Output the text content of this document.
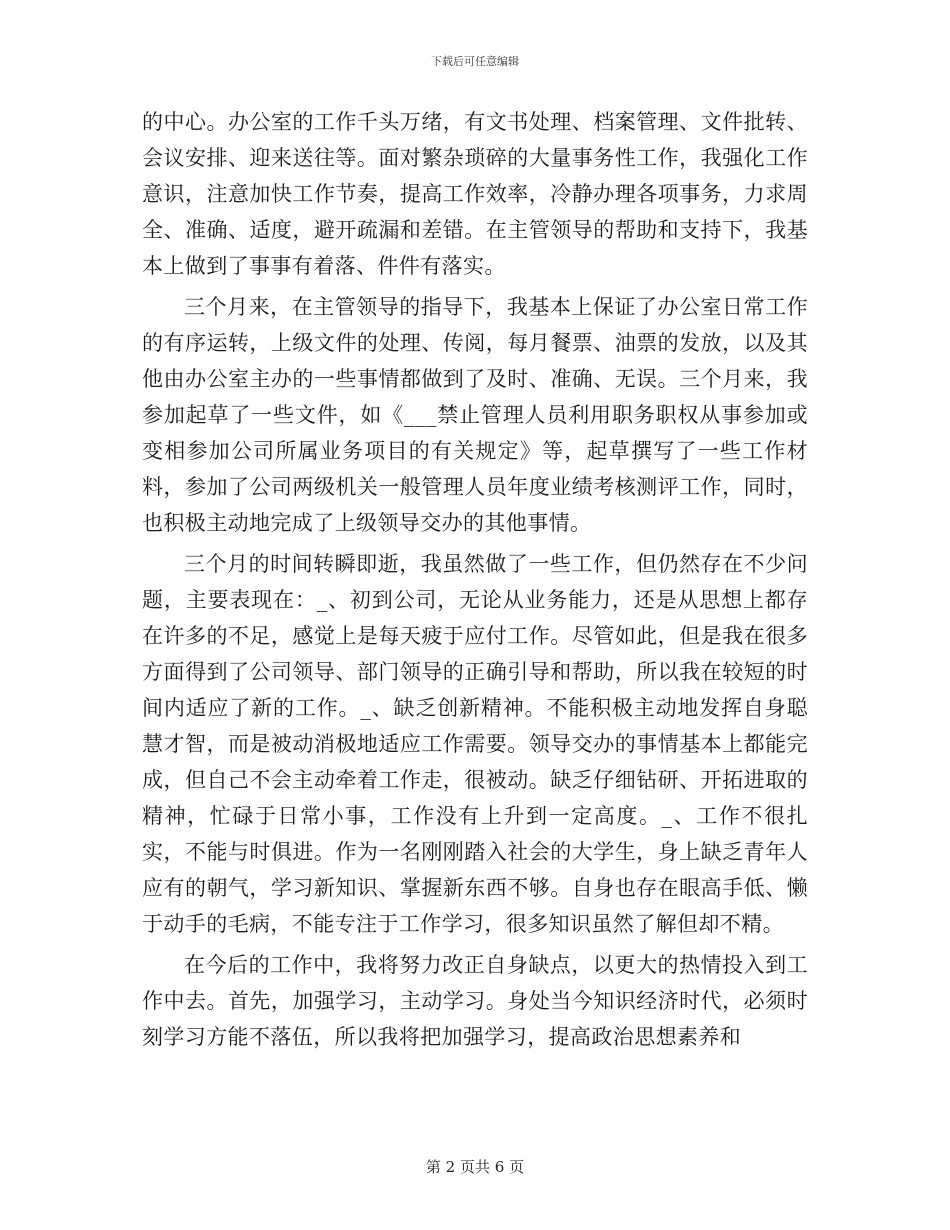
下载后可任意编辑

的中心。办公室的工作千头万绪，有文书处理、档案管理、文件批转、会议安排、迎来送往等。面对繁杂琐碎的大量事务性工作，我强化工作意识，注意加快工作节奏，提高工作效率，冷静办理各项事务，力求周全、准确、适度，避开疏漏和差错。在主管领导的帮助和支持下，我基本上做到了事事有着落、件件有落实。

三个月来，在主管领导的指导下，我基本上保证了办公室日常工作的有序运转，上级文件的处理、传阅，每月餐票、油票的发放，以及其他由办公室主办的一些事情都做到了及时、准确、无误。三个月来，我参加起草了一些文件，如《___禁止管理人员利用职务职权从事参加或变相参加公司所属业务项目的有关规定》等，起草撰写了一些工作材料，参加了公司两级机关一般管理人员年度业绩考核测评工作，同时，也积极主动地完成了上级领导交办的其他事情。

三个月的时间转瞬即逝，我虽然做了一些工作，但仍然存在不少问题，主要表现在：_、初到公司，无论从业务能力，还是从思想上都存在许多的不足，感觉上是每天疲于应付工作。尽管如此，但是我在很多方面得到了公司领导、部门领导的正确引导和帮助，所以我在较短的时间内适应了新的工作。_、缺乏创新精神。不能积极主动地发挥自身聪慧才智，而是被动消极地适应工作需要。领导交办的事情基本上都能完成，但自己不会主动牵着工作走，很被动。缺乏仔细钻研、开拓进取的精神，忙碌于日常小事，工作没有上升到一定高度。_、工作不很扎实，不能与时俱进。作为一名刚刚踏入社会的大学生，身上缺乏青年人应有的朝气，学习新知识、掌握新东西不够。自身也存在眼高手低、懒于动手的毛病，不能专注于工作学习，很多知识虽然了解但却不精。

在今后的工作中，我将努力改正自身缺点，以更大的热情投入到工作中去。首先，加强学习，主动学习。身处当今知识经济时代，必须时刻学习方能不落伍，所以我将把加强学习，提高政治思想素养和

第 2 页共 6 页
